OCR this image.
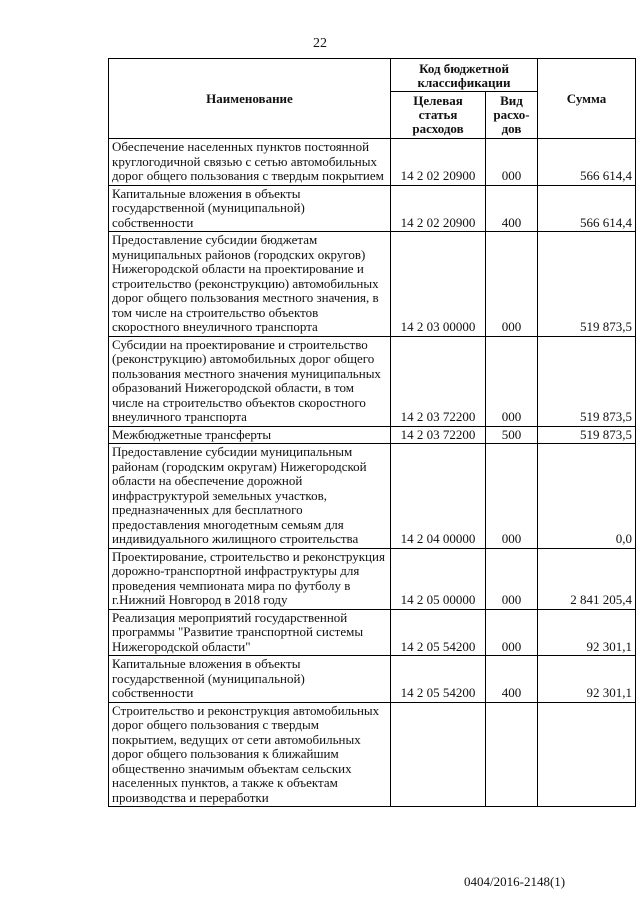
22
Наименование	Код бюджетной классификации		Сумма
	Целевая статья расходов	Вид расхо-дов	
Обеспечение населенных пунктов постоянной круглогодичной связью с сетью автомобильных дорог общего пользования с твердым покрытием	14 2 02 20900	000	566 614,4
Капитальные вложения в объекты государственной (муниципальной) собственности	14 2 02 20900	400	566 614,4
Предоставление субсидии бюджетам муниципальных районов (городских округов) Нижегородской области на проектирование и строительство (реконструкцию) автомобильных дорог общего пользования местного значения, в том числе на строительство объектов скоростного внеуличного транспорта	14 2 03 00000	000	519 873,5
Субсидии на проектирование и строительство (реконструкцию) автомобильных дорог общего пользования местного значения муниципальных образований Нижегородской области, в том числе на строительство объектов скоростного внеуличного транспорта	14 2 03 72200	000	519 873,5
Межбюджетные трансферты	14 2 03 72200	500	519 873,5
Предоставление субсидии муниципальным районам (городским округам) Нижегородской области на обеспечение дорожной инфраструктурой земельных участков, предназначенных для бесплатного предоставления многодетным семьям для индивидуального жилищного строительства	14 2 04 00000	000	0,0
Проектирование, строительство и реконструкция дорожно-транспортной инфраструктуры для проведения чемпионата мира по футболу в г.Нижний Новгород в 2018 году	14 2 05 00000	000	2 841 205,4
Реализация мероприятий государственной программы "Развитие транспортной системы Нижегородской области"	14 2 05 54200	000	92 301,1
Капитальные вложения в объекты государственной (муниципальной) собственности	14 2 05 54200	400	92 301,1
Строительство и реконструкция автомобильных дорог общего пользования с твердым покрытием, ведущих от сети автомобильных дорог общего пользования к ближайшим общественно значимым объектам сельских населенных пунктов, а также к объектам производства и переработки			
0404/2016-2148(1)
